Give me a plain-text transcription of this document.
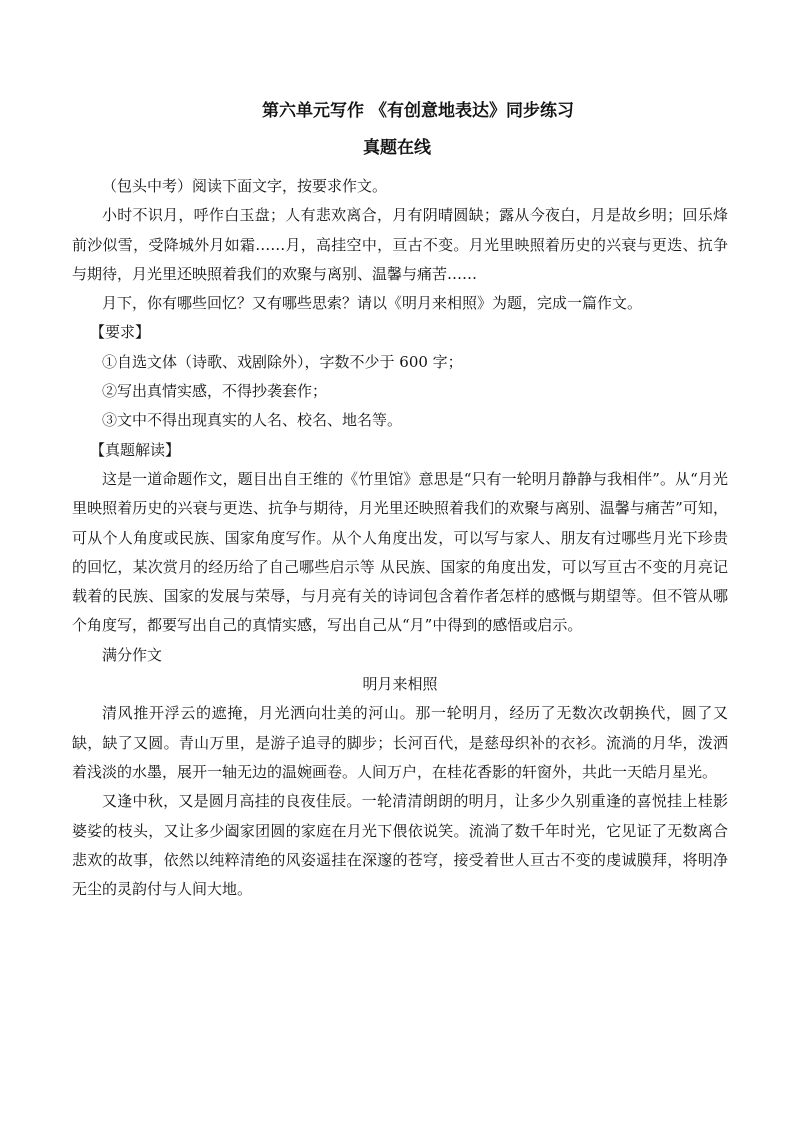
第六单元写作 《有创意地表达》同步练习
真题在线

（包头中考）阅读下面文字，按要求作文。

小时不识月，呼作白玉盘；人有悲欢离合，月有阴晴圆缺；露从今夜白，月是故乡明；回乐烽前沙似雪，受降城外月如霜……月，高挂空中，亘古不变。月光里映照着历史的兴衰与更迭、抗争与期待，月光里还映照着我们的欢聚与离别、温馨与痛苦……

月下，你有哪些回忆？又有哪些思索？请以《明月来相照》为题，完成一篇作文。

【要求】

①自选文体（诗歌、戏剧除外），字数不少于 600 字；

②写出真情实感，不得抄袭套作；

③文中不得出现真实的人名、校名、地名等。

【真题解读】

这是一道命题作文，题目出自王维的《竹里馆》意思是“只有一轮明月静静与我相伴”。从“月光里映照着历史的兴衰与更迭、抗争与期待，月光里还映照着我们的欢聚与离别、温馨与痛苦”可知，可从个人角度或民族、国家角度写作。从个人角度出发，可以写与家人、朋友有过哪些月光下珍贵的回忆，某次赏月的经历给了自己哪些启示等 从民族、国家的角度出发，可以写亘古不变的月亮记载着的民族、国家的发展与荣辱，与月亮有关的诗词包含着作者怎样的感慨与期望等。但不管从哪个角度写，都要写出自己的真情实感，写出自己从“月”中得到的感悟或启示。

满分作文

明月来相照

清风推开浮云的遮掩，月光洒向壮美的河山。那一轮明月，经历了无数次改朝换代，圆了又缺，缺了又圆。青山万里，是游子追寻的脚步；长河百代，是慈母织补的衣衫。流淌的月华，泼洒着浅淡的水墨，展开一轴无边的温婉画卷。人间万户，在桂花香影的轩窗外，共此一天皓月星光。

又逢中秋，又是圆月高挂的良夜佳辰。一轮清清朗朗的明月，让多少久别重逢的喜悦挂上桂影婆娑的枝头，又让多少阖家团圆的家庭在月光下偎依说笑。流淌了数千年时光，它见证了无数离合悲欢的故事，依然以纯粹清绝的风姿遥挂在深邃的苍穹，接受着世人亘古不变的虔诚膜拜，将明净无尘的灵韵付与人间大地。
